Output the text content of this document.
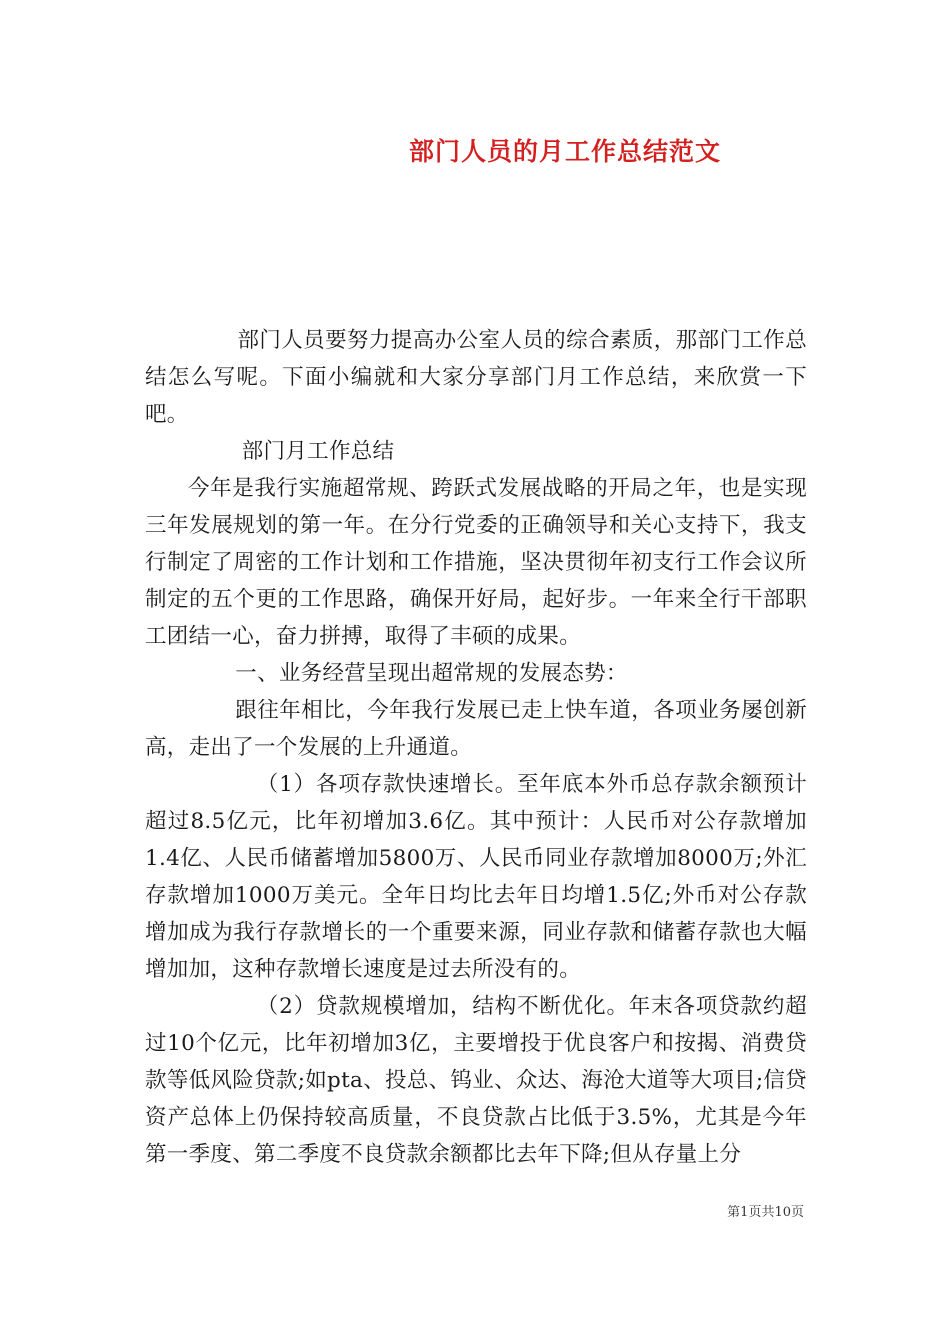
部门人员的月工作总结范文

部门人员要努力提高办公室人员的综合素质，那部门工作总结怎么写呢。下面小编就和大家分享部门月工作总结，来欣赏一下吧。

部门月工作总结

今年是我行实施超常规、跨跃式发展战略的开局之年，也是实现三年发展规划的第一年。在分行党委的正确领导和关心支持下，我支行制定了周密的工作计划和工作措施，坚决贯彻年初支行工作会议所制定的五个更的工作思路，确保开好局，起好步。一年来全行干部职工团结一心，奋力拼搏，取得了丰硕的成果。

一、业务经营呈现出超常规的发展态势：

跟往年相比，今年我行发展已走上快车道，各项业务屡创新高，走出了一个发展的上升通道。

（1）各项存款快速增长。至年底本外币总存款余额预计超过8.5亿元，比年初增加3.6亿。其中预计：人民币对公存款增加1.4亿、人民币储蓄增加5800万、人民币同业存款增加8000万;外汇存款增加1000万美元。全年日均比去年日均增1.5亿;外币对公存款增加成为我行存款增长的一个重要来源，同业存款和储蓄存款也大幅增加加，这种存款增长速度是过去所没有的。

（2）贷款规模增加，结构不断优化。年末各项贷款约超过10个亿元，比年初增加3亿，主要增投于优良客户和按揭、消费贷款等低风险贷款;如pta、投总、钨业、众达、海沧大道等大项目;信贷资产总体上仍保持较高质量，不良贷款占比低于3.5%，尤其是今年第一季度、第二季度不良贷款余额都比去年下降;但从存量上分

第1页共10页
